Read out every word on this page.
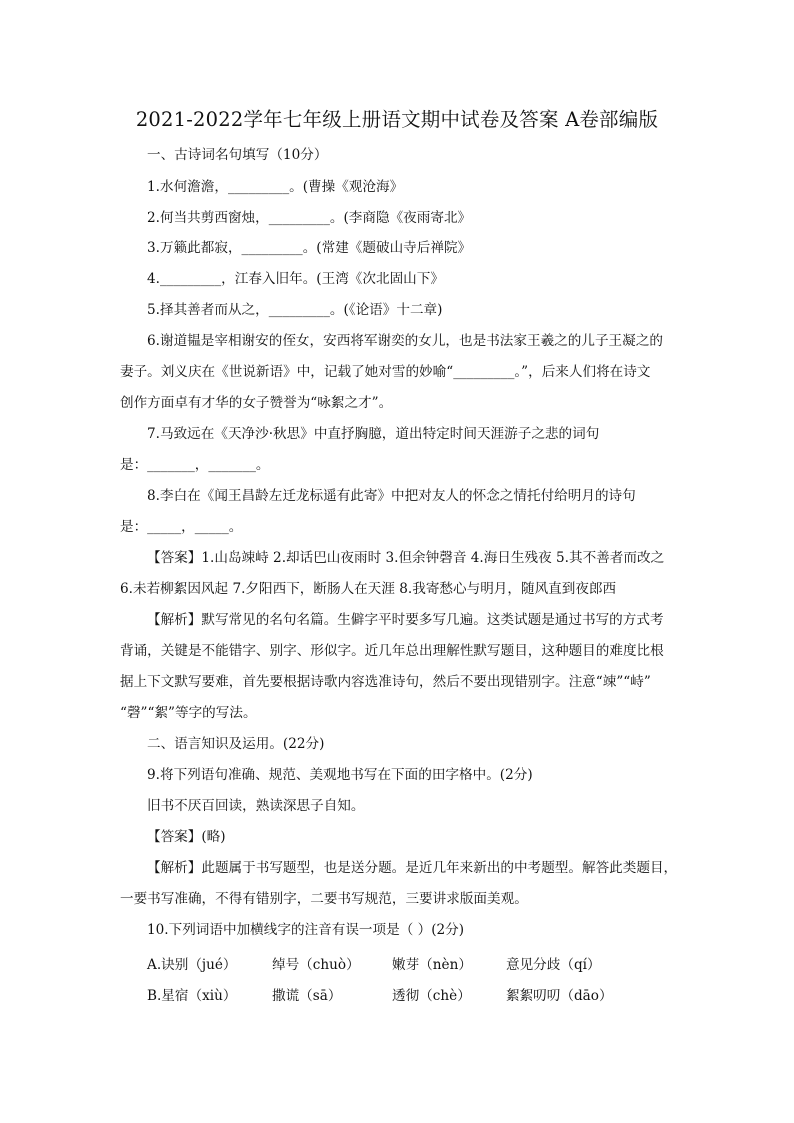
2021-2022学年七年级上册语文期中试卷及答案 A卷部编版
一、古诗词名句填写（10分）
1.水何澹澹，_________。(曹操《观沧海》
2.何当共剪西窗烛，_________。(李商隐《夜雨寄北》
3.万籁此都寂，_________。(常建《题破山寺后禅院》
4._________，江春入旧年。(王湾《次北固山下》
5.择其善者而从之，_________。(《论语》十二章)
6.谢道韫是宰相谢安的侄女，安西将军谢奕的女儿，也是书法家王羲之的儿子王凝之的
妻子。刘义庆在《世说新语》中，记载了她对雪的妙喻“_________。”，后来人们将在诗文
创作方面卓有才华的女子赞誉为“咏絮之才”。
7.马致远在《天净沙·秋思》中直抒胸臆，道出特定时间天涯游子之悲的词句
是：_______，_______。
8.李白在《闻王昌龄左迁龙标遥有此寄》中把对友人的怀念之情托付给明月的诗句
是：_____，_____。
【答案】1.山岛竦峙 2.却话巴山夜雨时 3.但余钟磬音 4.海日生残夜 5.其不善者而改之
6.未若柳絮因风起 7.夕阳西下，断肠人在天涯 8.我寄愁心与明月，随风直到夜郎西
【解析】默写常见的名句名篇。生僻字平时要多写几遍。这类试题是通过书写的方式考
背诵，关键是不能错字、别字、形似字。近几年总出理解性默写题目，这种题目的难度比根
据上下文默写要难，首先要根据诗歌内容选准诗句，然后不要出现错别字。注意“竦”“峙”
“磬”“絮”等字的写法。
二、语言知识及运用。(22分)
9.将下列语句准确、规范、美观地书写在下面的田字格中。(2分)
旧书不厌百回读，熟读深思子自知。
【答案】(略)
【解析】此题属于书写题型，也是送分题。是近几年来新出的中考题型。解答此类题目，
一要书写准确，不得有错别字，二要书写规范，三要讲求版面美观。
10.下列词语中加横线字的注音有误一项是（ ）(2分)
A.诀别（jué）	绰号（chuò） 嫩芽（nèn）	意见分歧（qí）
B.星宿（xiù）	撒谎（sā）	透彻（chè）	絮絮叨叨（dāo）
